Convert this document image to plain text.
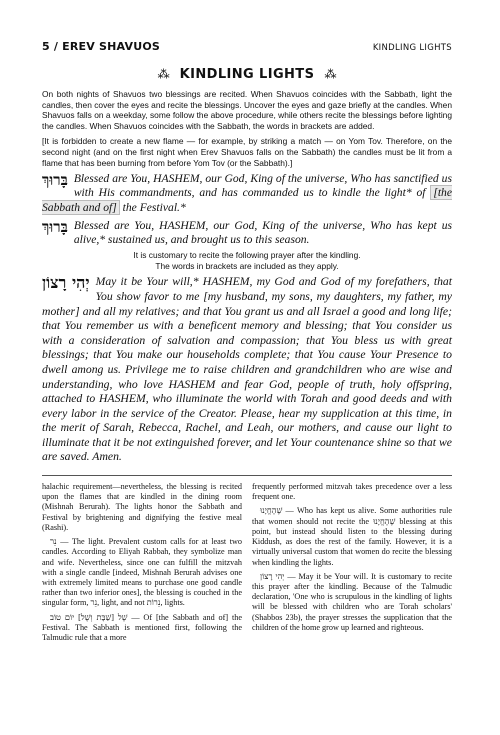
5 / EREV SHAVUOS	KINDLING LIGHTS
⁂ KINDLING LIGHTS ⁂
On both nights of Shavuos two blessings are recited. When Shavuos coincides with the Sabbath, light the candles, then cover the eyes and recite the blessings. Uncover the eyes and gaze briefly at the candles. When Shavuos falls on a weekday, some follow the above procedure, while others recite the blessings before lighting the candles. When Shavuos coincides with the Sabbath, the words in brackets are added.
[It is forbidden to create a new flame — for example, by striking a match — on Yom Tov. Therefore, on the second night (and on the first night when Erev Shavuos falls on the Sabbath) the candles must be lit from a flame that has been burning from before Yom Tov (or the Sabbath).]
בָּרוּךְ Blessed are You, HASHEM, our God, King of the universe, Who has sanctified us with His commandments, and has commanded us to kindle the light* of [the Sabbath and of] the Festival.*
בָּרוּךְ Blessed are You, HASHEM, our God, King of the universe, Who has kept us alive,* sustained us, and brought us to this season.
It is customary to recite the following prayer after the kindling.
The words in brackets are included as they apply.
יְהִי רָצוֹן May it be Your will,* HASHEM, my God and God of my forefathers, that You show favor to me [my husband, my sons, my daughters, my father, my mother] and all my relatives; and that You grant us and all Israel a good and long life; that You remember us with a beneficent memory and blessing; that You consider us with a consideration of salvation and compassion; that You bless us with great blessings; that You make our households complete; that You cause Your Presence to dwell among us. Privilege me to raise children and grandchildren who are wise and understanding, who love HASHEM and fear God, people of truth, holy offspring, attached to HASHEM, who illuminate the world with Torah and good deeds and with every labor in the service of the Creator. Please, hear my supplication at this time, in the merit of Sarah, Rebecca, Rachel, and Leah, our mothers, and cause our light to illuminate that it be not extinguished forever, and let Your countenance shine so that we are saved. Amen.

halachic requirement—nevertheless, the blessing is recited upon the flames that are kindled in the dining room (Mishnah Berurah). The lights honor the Sabbath and Festival by brightening and dignifying the festive meal (Rashi).

נֵר — The light. Prevalent custom calls for at least two candles. According to Eliyah Rabbah, they symbolize man and wife. Nevertheless, since one can fulfill the mitzvah with a single candle [indeed, Mishnah Berurah advises one with extremely limited means to purchase one good candle rather than two inferior ones], the blessing is couched in the singular form, נֵר, light, and not נֵרוֹת, lights.

שֶׁל [שַׁבָּת וְשֶׁל] יוֹם טוֹב — Of [the Sabbath and of] the Festival. The Sabbath is mentioned first, following the Talmudic rule that a more

frequently performed mitzvah takes precedence over a less frequent one.

שֶׁהֶחֱיָנוּ — Who has kept us alive. Some authorities rule that women should not recite the שֶׁהֶחֱיָנוּ blessing at this point, but instead should listen to the blessing during Kiddush, as does the rest of the family. However, it is a virtually universal custom that women do recite the blessing when kindling the lights.

יְהִי רָצוֹן — May it be Your will. It is customary to recite this prayer after the kindling. Because of the Talmudic declaration, 'One who is scrupulous in the kindling of lights will be blessed with children who are Torah scholars' (Shabbos 23b), the prayer stresses the supplication that the children of the home grow up learned and righteous.
